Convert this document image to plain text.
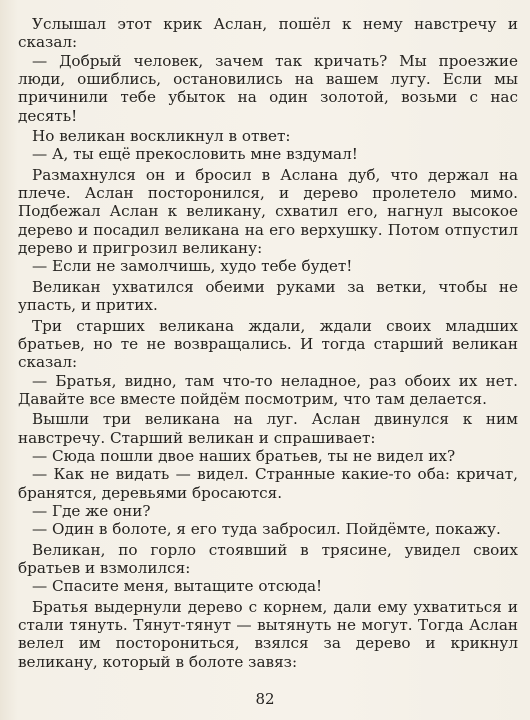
Услышал этот крик Аслан, пошёл к нему навстречу и сказал:

— Добрый человек, зачем так кричать? Мы проезжие люди, ошиблись, остановились на вашем лугу. Если мы причинили тебе убыток на один золотой, возьми с нас десять!

Но великан воскликнул в ответ:

— А, ты ещё прекословить мне вздумал!

Размахнулся он и бросил в Аслана дуб, что держал на плече. Аслан посторонился, и дерево пролетело мимо. Подбежал Аслан к великану, схватил его, нагнул высокое дерево и посадил великана на его верхушку. Потом отпустил дерево и пригрозил великану:

— Если не замолчишь, худо тебе будет!

Великан ухватился обеими руками за ветки, чтобы не упасть, и притих.

Три старших великана ждали, ждали своих младших братьев, но те не возвращались. И тогда старший великан сказал:

— Братья, видно, там что-то неладное, раз обоих их нет. Давайте все вместе пойдём посмотрим, что там делается.

Вышли три великана на луг. Аслан двинулся к ним навстречу. Старший великан и спрашивает:

— Сюда пошли двое наших братьев, ты не видел их?

— Как не видать — видел. Странные какие-то оба: кричат, бранятся, деревьями бросаются.

— Где же они?

— Один в болоте, я его туда забросил. Пойдёмте, покажу.

Великан, по горло стоявший в трясине, увидел своих братьев и взмолился:

— Спасите меня, вытащите отсюда!

Братья выдернули дерево с корнем, дали ему ухватиться и стали тянуть. Тянут-тянут — вытянуть не могут. Тогда Аслан велел им посторониться, взялся за дерево и крикнул великану, который в болоте завяз:

82
